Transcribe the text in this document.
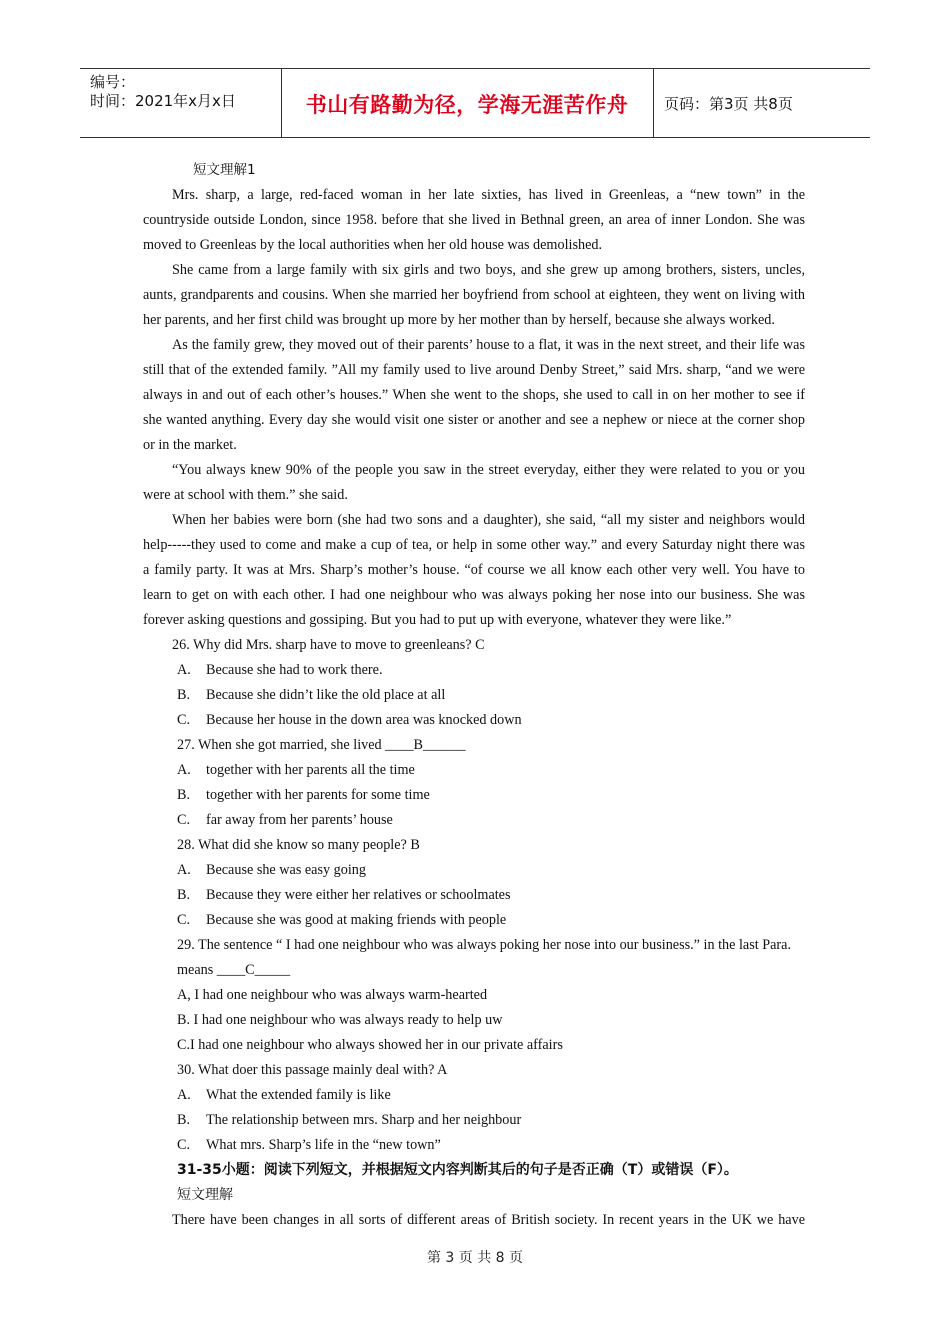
编号：
时间：2021年x月x日	书山有路勤为径，学海无涯苦作舟	页码：第3页 共8页
短文理解1
Mrs. sharp, a large, red-faced woman in her late sixties, has lived in Greenleas, a “new town” in the
countryside outside London, since 1958. before that she lived in Bethnal green, an area of inner London. She was
moved to Greenleas by the local authorities when her old house was demolished.
She came from a large family with six girls and two boys, and she grew up among brothers, sisters, uncles,
aunts, grandparents and cousins. When she married her boyfriend from school at eighteen, they went on living with
her parents, and her first child was brought up more by her mother than by herself, because she always worked.
As the family grew, they moved out of their parents’ house to a flat, it was in the next street, and their life was
still that of the extended family. ”All my family used to live around Denby Street,” said Mrs. sharp, “and we were
always in and out of each other’s houses.” When she went to the shops, she used to call in on her mother to see if
she wanted anything. Every day she would visit one sister or another and see a nephew or niece at the corner shop
or in the market.
“You always knew 90% of the people you saw in the street everyday, either they were related to you or you
were at school with them.” she said.
When her babies were born (she had two sons and a daughter), she said, “all my sister and neighbors would
help-----they used to come and make a cup of tea, or help in some other way.” and every Saturday night there was
a family party. It was at Mrs. Sharp’s mother’s house. “of course we all know each other very well. You have to
learn to get on with each other. I had one neighbour who was always poking her nose into our business. She was
forever asking questions and gossiping. But you had to put up with everyone, whatever they were like.”
26. Why did Mrs. sharp have to move to greenleans? C
A. Because she had to work there.
B. Because she didn’t like the old place at all
C. Because her house in the down area was knocked down
27. When she got married, she lived ____B______
A. together with her parents all the time
B. together with her parents for some time
C. far away from her parents’ house
28. What did she know so many people? B
A. Because she was easy going
B. Because they were either her relatives or schoolmates
C. Because she was good at making friends with people
29. The sentence “ I had one neighbour who was always poking her nose into our business.” in the last Para.
means ____C_____
A, I had one neighbour who was always warm-hearted
B. I had one neighbour who was always ready to help uw
C.I had one neighbour who always showed her in our private affairs
30. What doer this passage mainly deal with? A
A. What the extended family is like
B. The relationship between mrs. Sharp and her neighbour
C. What mrs. Sharp’s life in the “new town”
31-35小题：阅读下列短文，并根据短文内容判断其后的句子是否正确（T）或错误（F）。
短文理解
There have been changes in all sorts of different areas of British society. In recent years in the UK we have
第 3 页 共 8 页
